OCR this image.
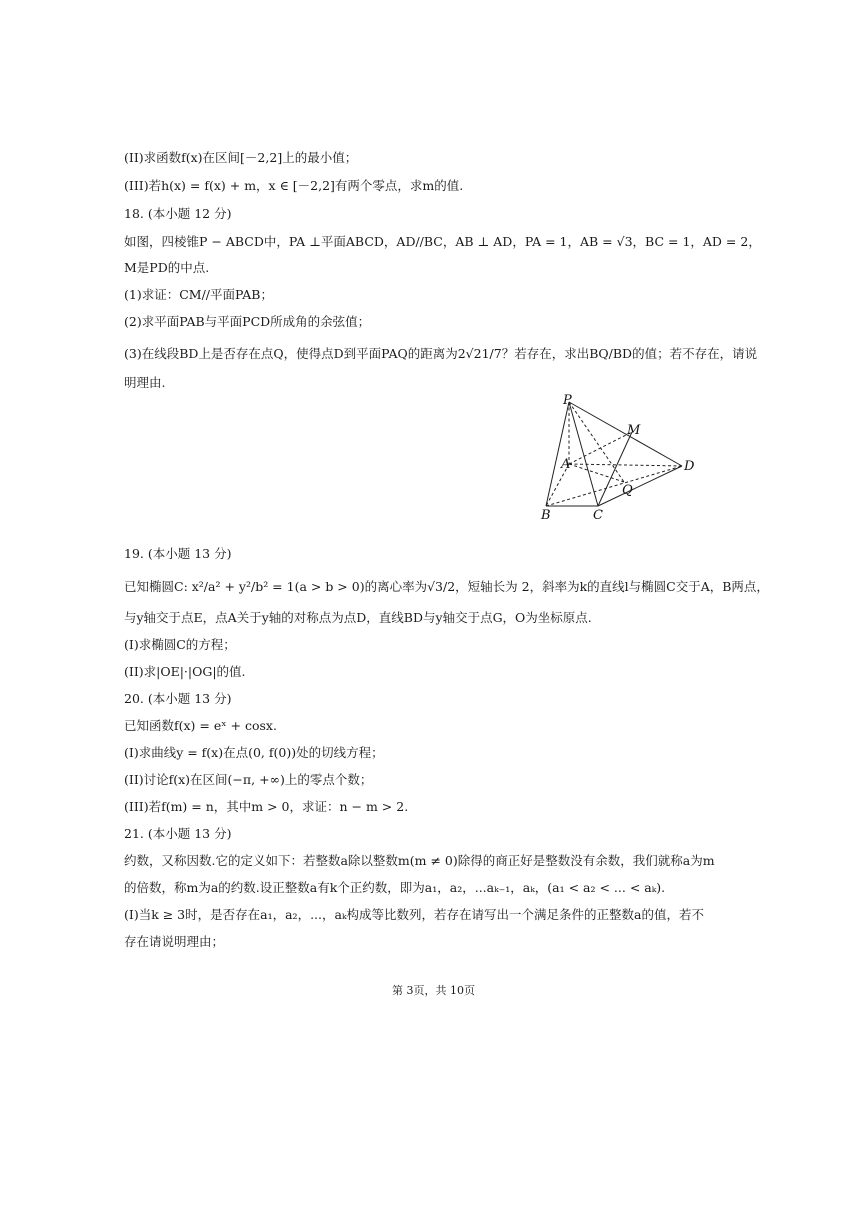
(II)求函数f(x)在区间[－2,2]上的最小值；
(III)若h(x) = f(x) + m，x ∈ [－2,2]有两个零点，求m的值.
18. (本小题 12 分)
如图，四棱锥P − ABCD中，PA ⊥平面ABCD，AD//BC，AB ⊥ AD，PA = 1，AB = √3，BC = 1，AD = 2，
M是PD的中点.
(1)求证：CM//平面PAB；
(2)求平面PAB与平面PCD所成角的余弦值；
(3)在线段BD上是否存在点Q，使得点D到平面PAQ的距离为2√21/7？若存在，求出BQ/BD的值；若不存在，请说
明理由.
P
M
A	D
Q
B	C
19. (本小题 13 分)
已知椭圆C: x²/a² + y²/b² = 1(a > b > 0)的离心率为√3/2，短轴长为 2，斜率为k的直线l与椭圆C交于A，B两点，
与y轴交于点E，点A关于y轴的对称点为点D，直线BD与y轴交于点G，O为坐标原点.
(I)求椭圆C的方程；
(II)求|OE|·|OG|的值.
20. (本小题 13 分)
已知函数f(x) = eˣ + cosx.
(I)求曲线y = f(x)在点(0, f(0))处的切线方程；
(II)讨论f(x)在区间(−π, +∞)上的零点个数；
(III)若f(m) = n，其中m > 0，求证：n − m > 2.
21. (本小题 13 分)
约数，又称因数.它的定义如下：若整数a除以整数m(m ≠ 0)除得的商正好是整数没有余数，我们就称a为m
的倍数，称m为a的约数.设正整数a有k个正约数，即为a₁，a₂，...aₖ₋₁，aₖ，(a₁ < a₂ < ... < aₖ).
(I)当k ≥ 3时，是否存在a₁，a₂，...，aₖ构成等比数列，若存在请写出一个满足条件的正整数a的值，若不
存在请说明理由；
第 3页，共 10页
